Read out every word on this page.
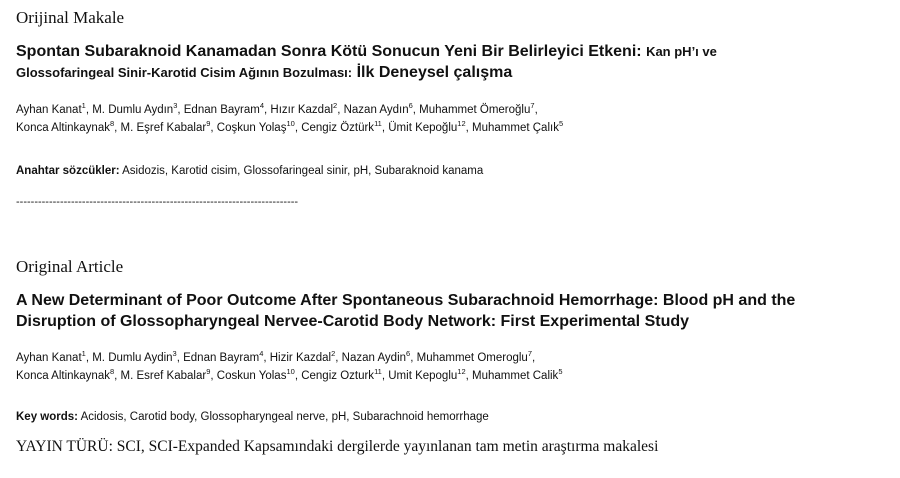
Orijinal Makale
Spontan Subaraknoid Kanamadan Sonra Kötü Sonucun Yeni Bir Belirleyici Etkeni: Kan pH’ı ve
Glossofaringeal Sinir-Karotid Cisim Ağının Bozulması: İlk Deneysel çalışma
Ayhan Kanat$^1$, M. Dumlu Aydın$^3$, Ednan Bayram$^4$, Hızır Kazdal$^2$, Nazan Aydın$^6$, Muhammet Ömeroğlu$^7$,
Konca Altinkaynak$^8$, M. Eşref Kabalar$^9$, Coşkun Yolaş$^{10}$, Cengiz Öztürk$^{11}$, Ümit Kepoğlu$^{12}$, Muhammet Çalık$^5$
Anahtar sözcükler: Asidozis, Karotid cisim, Glossofaringeal sinir, pH, Subaraknoid kanama
-----------------------------------------------------------------------------
Original Article
A New Determinant of Poor Outcome After Spontaneous Subarachnoid Hemorrhage: Blood pH and the
Disruption of Glossopharyngeal Nervee-Carotid Body Network: First Experimental Study
Ayhan Kanat$^1$, M. Dumlu Aydin$^3$, Ednan Bayram$^4$, Hizir Kazdal$^2$, Nazan Aydin$^6$, Muhammet Omeroglu$^7$,
Konca Altinkaynak$^8$, M. Esref Kabalar$^9$, Coskun Yolas$^{10}$, Cengiz Ozturk$^{11}$, Umit Kepoglu$^{12}$, Muhammet Calik$^5$
Key words: Acidosis, Carotid body, Glossopharyngeal nerve, pH, Subarachnoid hemorrhage
YAYIN TÜRÜ: SCI, SCI-Expanded Kapsamındaki dergilerde yayınlanan tam metin araştırma makalesi
